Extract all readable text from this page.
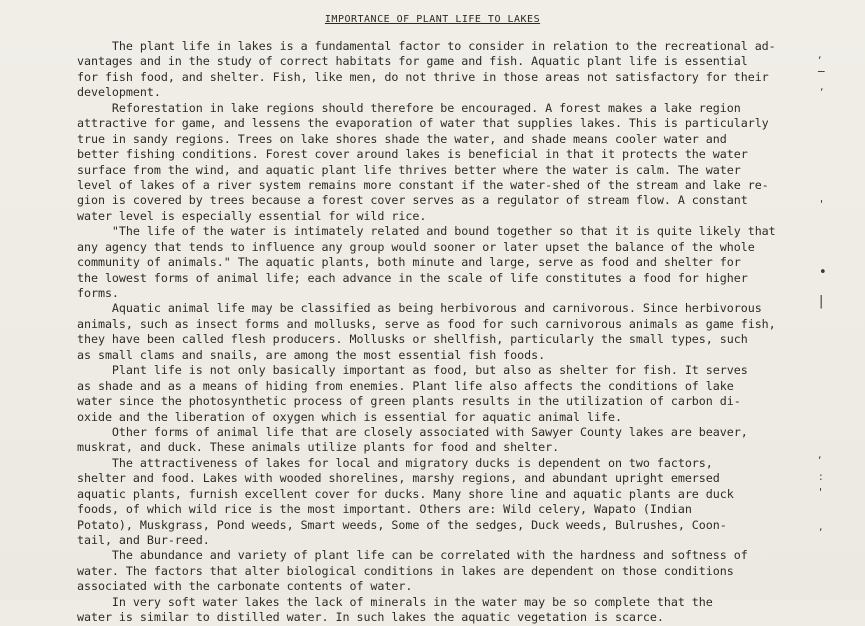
IMPORTANCE OF PLANT LIFE TO LAKES
The plant life in lakes is a fundamental factor to consider in relation to the recreational ad-
vantages and in the study of correct habitats for game and fish. Aquatic plant life is essential
for fish food, and shelter. Fish, like men, do not thrive in those areas not satisfactory for their
development.
Reforestation in lake regions should therefore be encouraged. A forest makes a lake region
attractive for game, and lessens the evaporation of water that supplies lakes. This is particularly
true in sandy regions. Trees on lake shores shade the water, and shade means cooler water and
better fishing conditions. Forest cover around lakes is beneficial in that it protects the water
surface from the wind, and aquatic plant life thrives better where the water is calm. The water
level of lakes of a river system remains more constant if the water-shed of the stream and lake re-
gion is covered by trees because a forest cover serves as a regulator of stream flow. A constant
water level is especially essential for wild rice.
"The life of the water is intimately related and bound together so that it is quite likely that
any agency that tends to influence any group would sooner or later upset the balance of the whole
community of animals." The aquatic plants, both minute and large, serve as food and shelter for
the lowest forms of animal life; each advance in the scale of life constitutes a food for higher
forms.
Aquatic animal life may be classified as being herbivorous and carnivorous. Since herbivorous
animals, such as insect forms and mollusks, serve as food for such carnivorous animals as game fish,
they have been called flesh producers. Mollusks or shellfish, particularly the small types, such
as small clams and snails, are among the most essential fish foods.
Plant life is not only basically important as food, but also as shelter for fish. It serves
as shade and as a means of hiding from enemies. Plant life also affects the conditions of lake
water since the photosynthetic process of green plants results in the utilization of carbon di-
oxide and the liberation of oxygen which is essential for aquatic animal life.
Other forms of animal life that are closely associated with Sawyer County lakes are beaver,
muskrat, and duck. These animals utilize plants for food and shelter.
The attractiveness of lakes for local and migratory ducks is dependent on two factors,
shelter and food. Lakes with wooded shorelines, marshy regions, and abundant upright emersed
aquatic plants, furnish excellent cover for ducks. Many shore line and aquatic plants are duck
foods, of which wild rice is the most important. Others are: Wild celery, Wapato (Indian
Potato), Muskgrass, Pond weeds, Smart weeds, Some of the sedges, Duck weeds, Bulrushes, Coon-
tail, and Bur-reed.
The abundance and variety of plant life can be correlated with the hardness and softness of
water. The factors that alter biological conditions in lakes are dependent on those conditions
associated with the carbonate contents of water.
In very soft water lakes the lack of minerals in the water may be so complete that the
water is similar to distilled water. In such lakes the aquatic vegetation is scarce.
,
‾
‘
'
•
|
,
:
'
,
